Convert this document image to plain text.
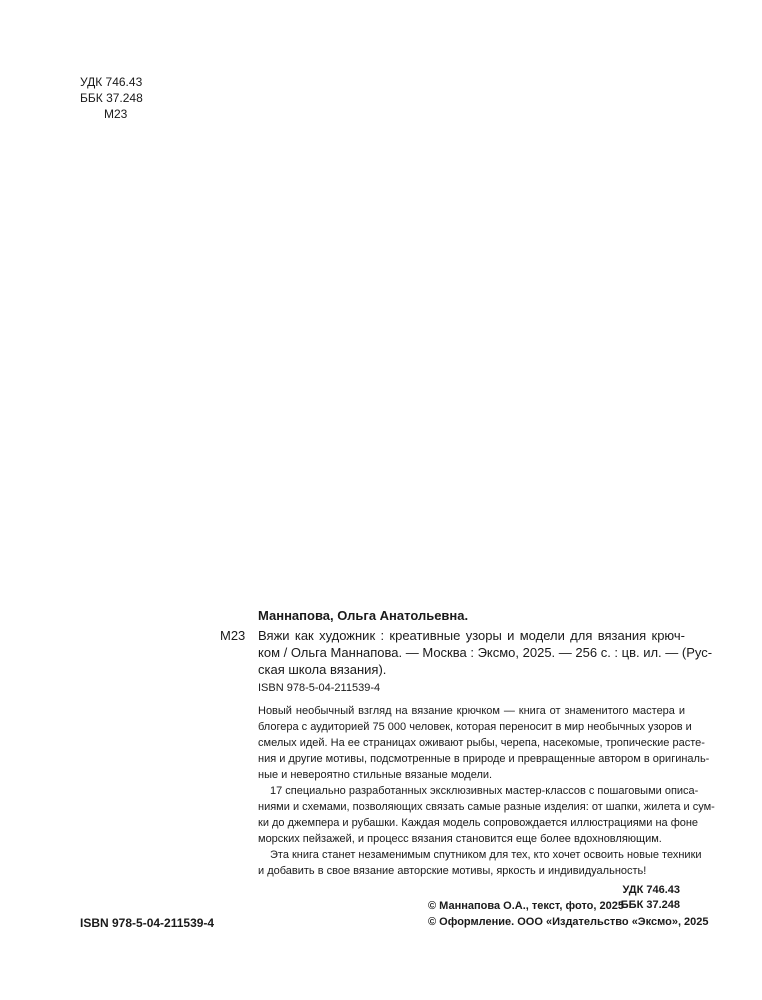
УДК 746.43
ББК 37.248
М23
Маннапова, Ольга Анатольевна.
М23 Вяжи как художник : креативные узоры и модели для вязания крюч-
ком / Ольга Маннапова. — Москва : Эксмо, 2025. — 256 с. : цв. ил. — (Рус-
ская школа вязания).
ISBN 978-5-04-211539-4
Новый необычный взгляд на вязание крючком — книга от знаменитого мастера и
блогера с аудиторией 75 000 человек, которая переносит в мир необычных узоров и
смелых идей. На ее страницах оживают рыбы, черепа, насекомые, тропические расте-
ния и другие мотивы, подсмотренные в природе и превращенные автором в оригиналь-
ные и невероятно стильные вязаные модели.
17 специально разработанных эксклюзивных мастер-классов с пошаговыми описа-
ниями и схемами, позволяющих связать самые разные изделия: от шапки, жилета и сум-
ки до джемпера и рубашки. Каждая модель сопровождается иллюстрациями на фоне
морских пейзажей, и процесс вязания становится еще более вдохновляющим.
Эта книга станет незаменимым спутником для тех, кто хочет освоить новые техники
и добавить в свое вязание авторские мотивы, яркость и индивидуальность!
УДК 746.43
ББК 37.248
ISBN 978-5-04-211539-4
© Маннапова О.А., текст, фото, 2025
© Оформление. ООО «Издательство «Эксмо», 2025
